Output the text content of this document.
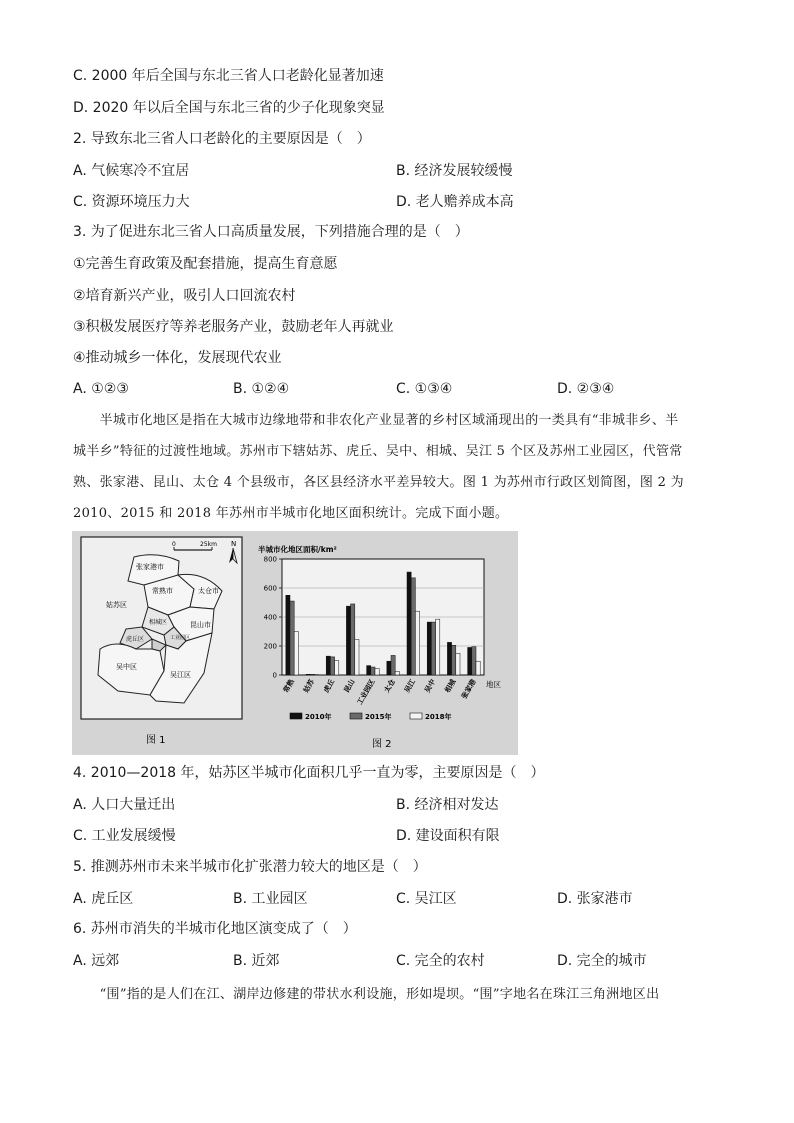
C. 2000 年后全国与东北三省人口老龄化显著加速
D. 2020 年以后全国与东北三省的少子化现象突显
2. 导致东北三省人口老龄化的主要原因是（　）
A. 气候寒冷不宜居	B. 经济发展较缓慢
C. 资源环境压力大	D. 老人赡养成本高
3. 为了促进东北三省人口高质量发展，下列措施合理的是（　）
①完善生育政策及配套措施，提高生育意愿
②培育新兴产业，吸引人口回流农村
③积极发展医疗等养老服务产业，鼓励老年人再就业
④推动城乡一体化，发展现代农业
A. ①②③	B. ①②④	C. ①③④	D. ②③④
　　半城市化地区是指在大城市边缘地带和非农化产业显著的乡村区域涌现出的一类具有“非城非乡、半
城半乡”特征的过渡性地域。苏州市下辖姑苏、虎丘、吴中、相城、吴江 5 个区及苏州工业园区，代管常
熟、张家港、昆山、太仓 4 个县级市，各区县经济水平差异较大。图 1 为苏州市行政区划简图，图 2 为
2010、2015 和 2018 年苏州市半城市化地区面积统计。完成下面小题。
0	25km N
张家港市
常熟市	太仓市
姑苏区
相城区	昆山市
工业园区
虎丘区
吴中区
吴江区
半城市化地区面积/km²
0
200
400
600
800
常熟 姑苏 虎丘 昆山 工业园区 太仓 吴江 吴中 相城 张家港 地区
2010年	2015年	2018年
图 1	图 2
4. 2010—2018 年，姑苏区半城市化面积几乎一直为零，主要原因是（　）
A. 人口大量迁出	B. 经济相对发达
C. 工业发展缓慢	D. 建设面积有限
5. 推测苏州市未来半城市化扩张潜力较大的地区是（　）
A. 虎丘区	B. 工业园区	C. 吴江区	D. 张家港市
6. 苏州市消失的半城市化地区演变成了（　）
A. 远郊	B. 近郊	C. 完全的农村	D. 完全的城市
　　“围”指的是人们在江、湖岸边修建的带状水利设施，形如堤坝。“围”字地名在珠江三角洲地区出
